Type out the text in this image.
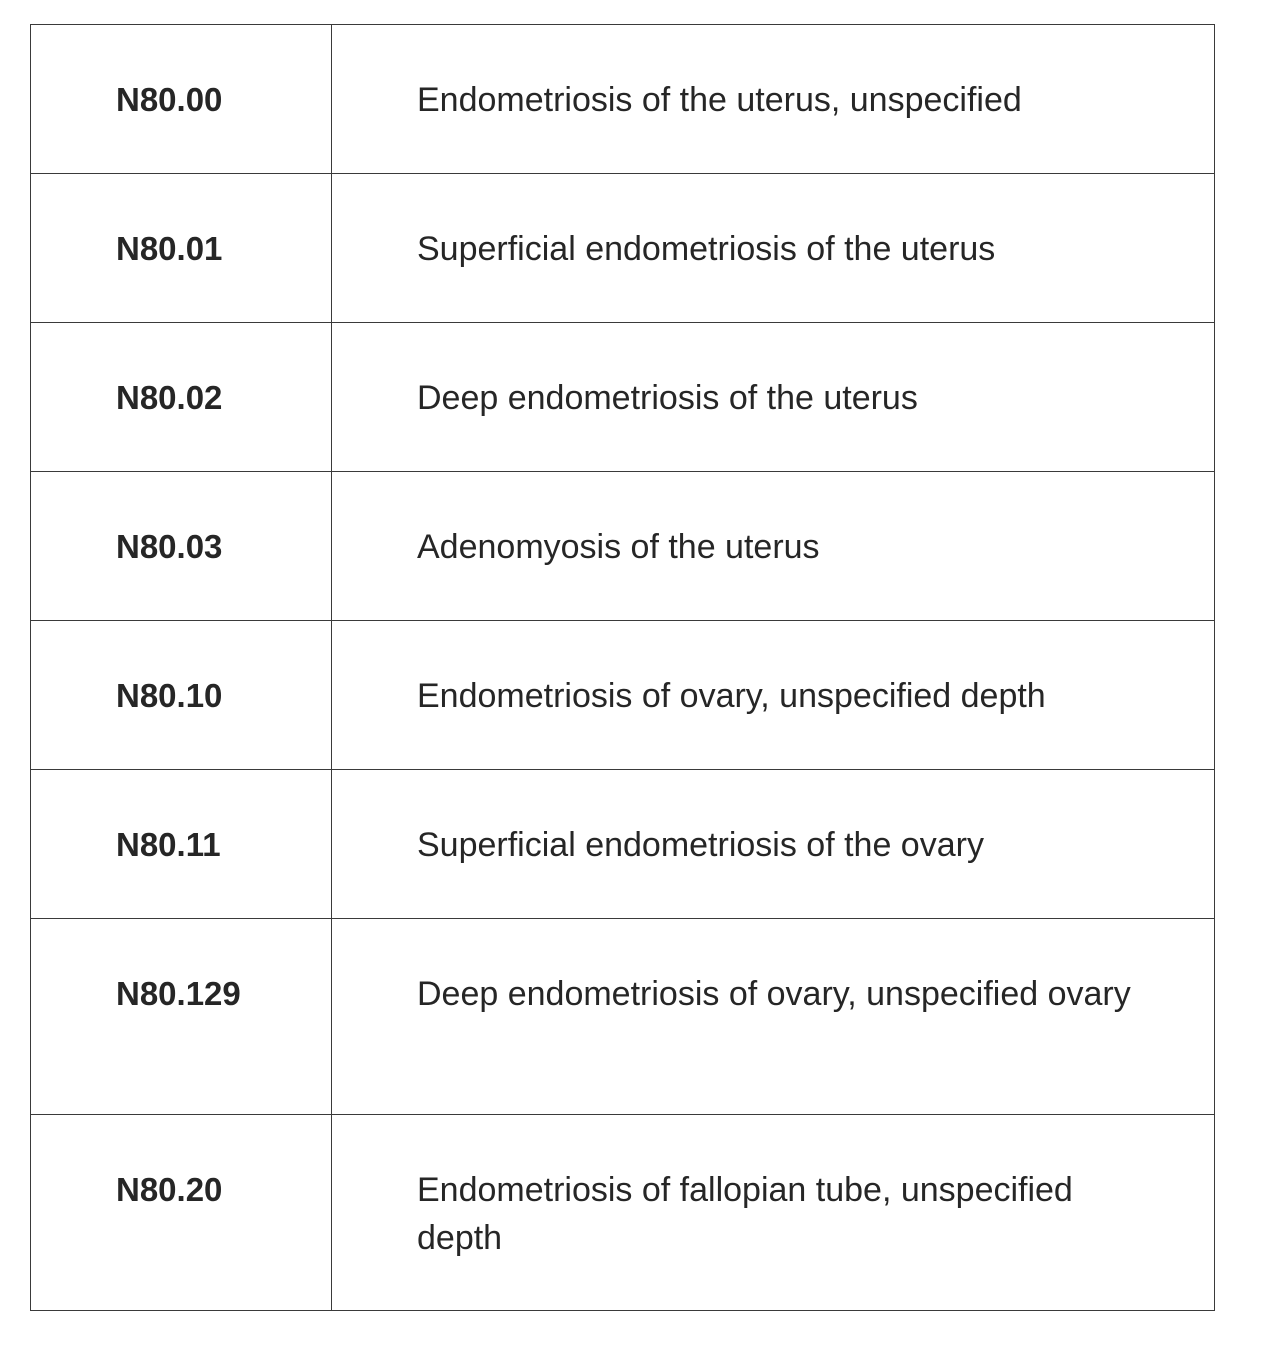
N80.00	Endometriosis of the uterus, unspecified
N80.01	Superficial endometriosis of the uterus
N80.02	Deep endometriosis of the uterus
N80.03	Adenomyosis of the uterus
N80.10	Endometriosis of ovary, unspecified depth
N80.11	Superficial endometriosis of the ovary
N80.129	Deep endometriosis of ovary, unspecified ovary
N80.20	Endometriosis of fallopian tube, unspecified depth
